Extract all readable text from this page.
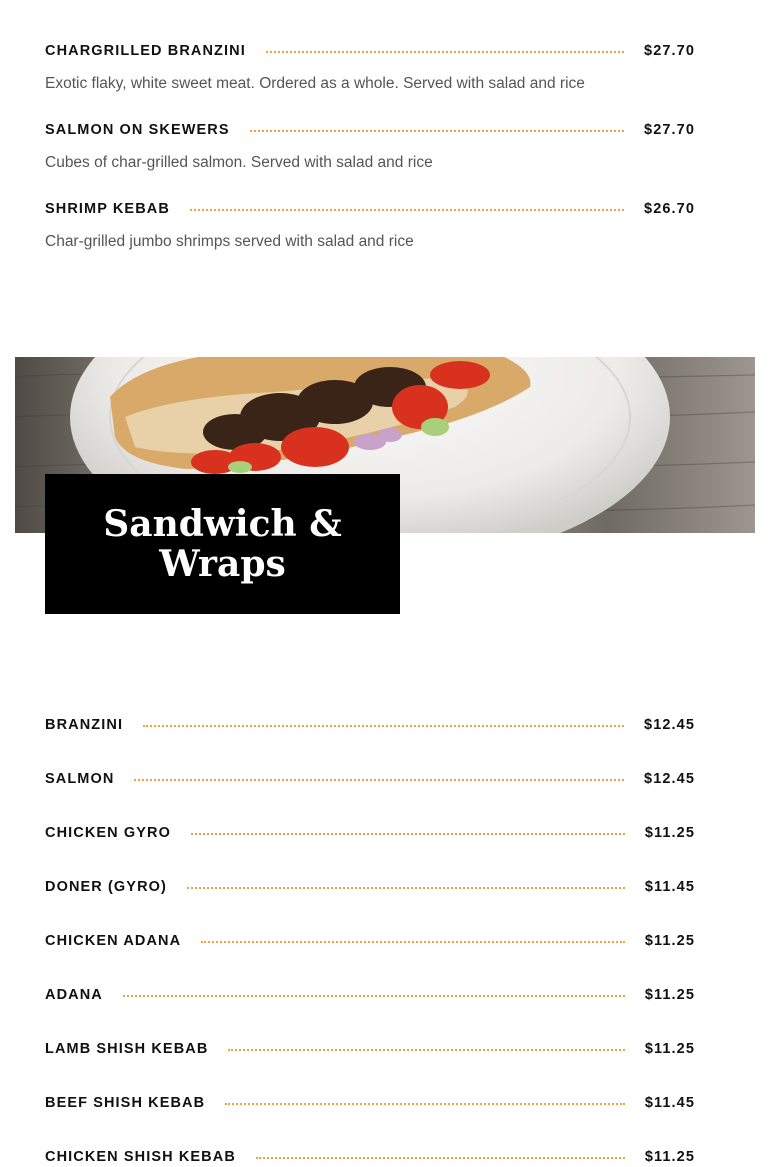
CHARGRILLED BRANZINI	$27.70
Exotic flaky, white sweet meat. Ordered as a whole. Served with salad and rice
SALMON ON SKEWERS	$27.70
Cubes of char-grilled salmon. Served with salad and rice
SHRIMP KEBAB	$26.70
Char-grilled jumbo shrimps served with salad and rice
Sandwich & Wraps
BRANZINI	$12.45
SALMON	$12.45
CHICKEN GYRO	$11.25
DONER (GYRO)	$11.45
CHICKEN ADANA	$11.25
ADANA	$11.25
LAMB SHISH KEBAB	$11.25
BEEF SHISH KEBAB	$11.45
CHICKEN SHISH KEBAB	$11.25
